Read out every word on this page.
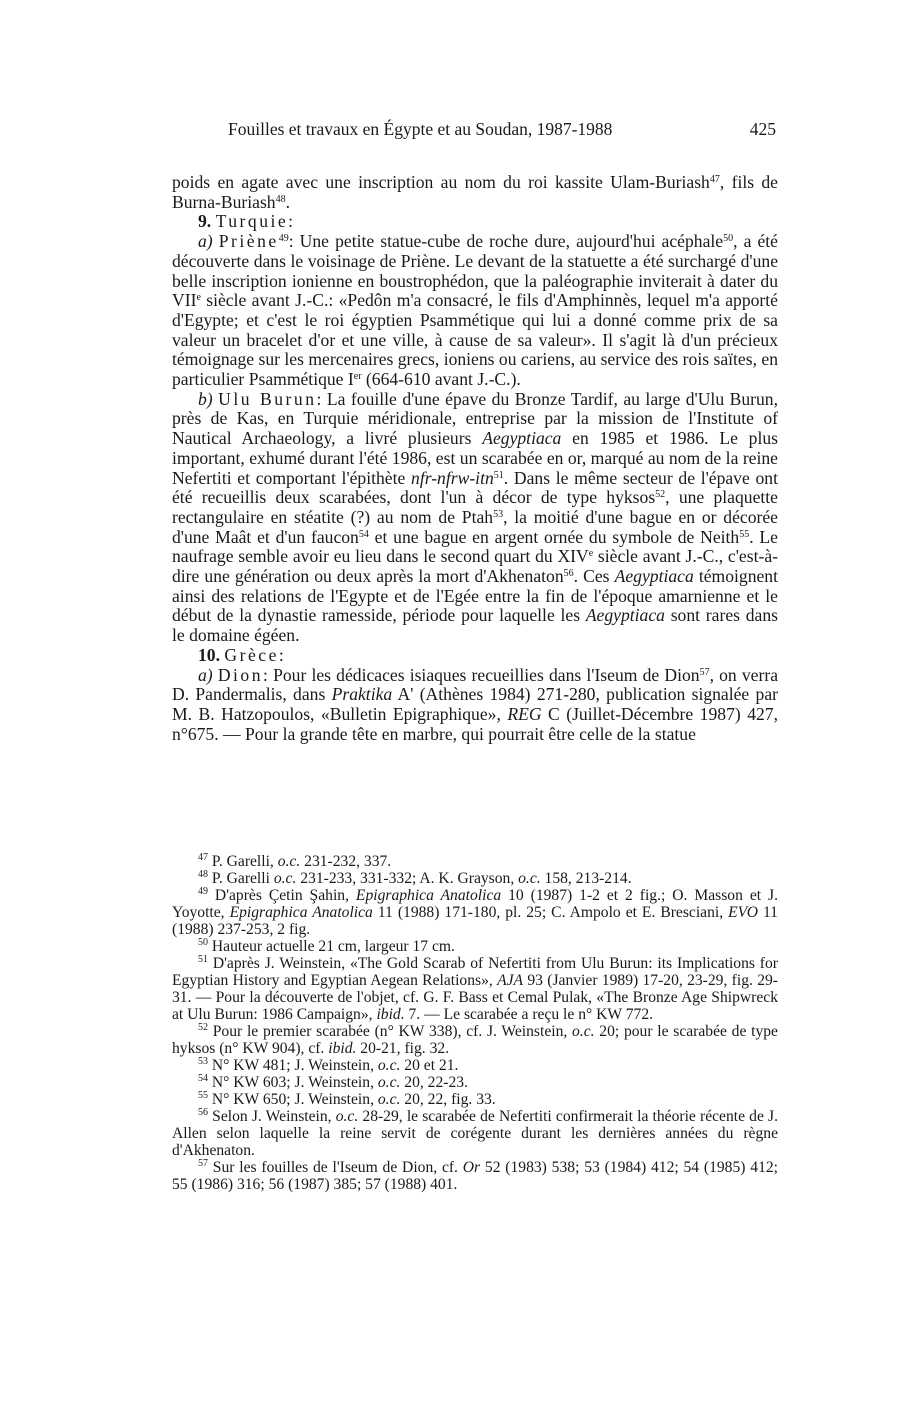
Fouilles et travaux en Égypte et au Soudan, 1987-1988	425

poids en agate avec une inscription au nom du roi kassite Ulam-Buriash$^{47}$, fils de Burna-Buriash$^{48}$.

9. Turquie:

a) Priène$^{49}$: Une petite statue-cube de roche dure, aujourd'hui acéphale$^{50}$, a été découverte dans le voisinage de Priène. Le devant de la statuette a été surchargé d'une belle inscription ionienne en boustrophédon, que la paléographie inviterait à dater du VIIe siècle avant J.-C.: «Pedôn m'a consacré, le fils d'Amphinnès, lequel m'a apporté d'Egypte; et c'est le roi égyptien Psammétique qui lui a donné comme prix de sa valeur un bracelet d'or et une ville, à cause de sa valeur». Il s'agit là d'un précieux témoignage sur les mercenaires grecs, ioniens ou cariens, au service des rois saïtes, en particulier Psammétique Ier (664-610 avant J.-C.).

b) Ulu Burun: La fouille d'une épave du Bronze Tardif, au large d'Ulu Burun, près de Kas, en Turquie méridionale, entreprise par la mission de l'Institute of Nautical Archaeology, a livré plusieurs Aegyptiaca en 1985 et 1986. Le plus important, exhumé durant l'été 1986, est un scarabée en or, marqué au nom de la reine Nefertiti et comportant l'épithète nfr-nfrw-itn$^{51}$. Dans le même secteur de l'épave ont été recueillis deux scarabées, dont l'un à décor de type hyksos$^{52}$, une plaquette rectangulaire en stéatite (?) au nom de Ptah$^{53}$, la moitié d'une bague en or décorée d'une Maât et d'un faucon$^{54}$ et une bague en argent ornée du symbole de Neith$^{55}$. Le naufrage semble avoir eu lieu dans le second quart du XIVe siècle avant J.-C., c'est-à-dire une génération ou deux après la mort d'Akhenaton$^{56}$. Ces Aegyptiaca témoignent ainsi des relations de l'Egypte et de l'Egée entre la fin de l'époque amarnienne et le début de la dynastie ramesside, période pour laquelle les Aegyptiaca sont rares dans le domaine égéen.

10. Grèce:

a) Dion: Pour les dédicaces isiaques recueillies dans l'Iseum de Dion$^{57}$, on verra D. Pandermalis, dans Praktika A' (Athènes 1984) 271-280, publication signalée par M. B. Hatzopoulos, «Bulletin Epigraphique», REG C (Juillet-Décembre 1987) 427, n°675. — Pour la grande tête en marbre, qui pourrait être celle de la statue

$^{47}$ P. Garelli, o.c. 231-232, 337.

$^{48}$ P. Garelli o.c. 231-233, 331-332; A. K. Grayson, o.c. 158, 213-214.

$^{49}$ D'après Çetin Şahin, Epigraphica Anatolica 10 (1987) 1-2 et 2 fig.; O. Masson et J. Yoyotte, Epigraphica Anatolica 11 (1988) 171-180, pl. 25; C. Ampolo et E. Bresciani, EVO 11 (1988) 237-253, 2 fig.

$^{50}$ Hauteur actuelle 21 cm, largeur 17 cm.

$^{51}$ D'après J. Weinstein, «The Gold Scarab of Nefertiti from Ulu Burun: its Implications for Egyptian History and Egyptian Aegean Relations», AJA 93 (Janvier 1989) 17-20, 23-29, fig. 29-31. — Pour la découverte de l'objet, cf. G. F. Bass et Cemal Pulak, «The Bronze Age Shipwreck at Ulu Burun: 1986 Campaign», ibid. 7. — Le scarabée a reçu le n° KW 772.

$^{52}$ Pour le premier scarabée (n° KW 338), cf. J. Weinstein, o.c. 20; pour le scarabée de type hyksos (n° KW 904), cf. ibid. 20-21, fig. 32.

$^{53}$ N° KW 481; J. Weinstein, o.c. 20 et 21.

$^{54}$ N° KW 603; J. Weinstein, o.c. 20, 22-23.

$^{55}$ N° KW 650; J. Weinstein, o.c. 20, 22, fig. 33.

$^{56}$ Selon J. Weinstein, o.c. 28-29, le scarabée de Nefertiti confirmerait la théorie récente de J. Allen selon laquelle la reine servit de corégente durant les dernières années du règne d'Akhenaton.

$^{57}$ Sur les fouilles de l'Iseum de Dion, cf. Or 52 (1983) 538; 53 (1984) 412; 54 (1985) 412; 55 (1986) 316; 56 (1987) 385; 57 (1988) 401.
